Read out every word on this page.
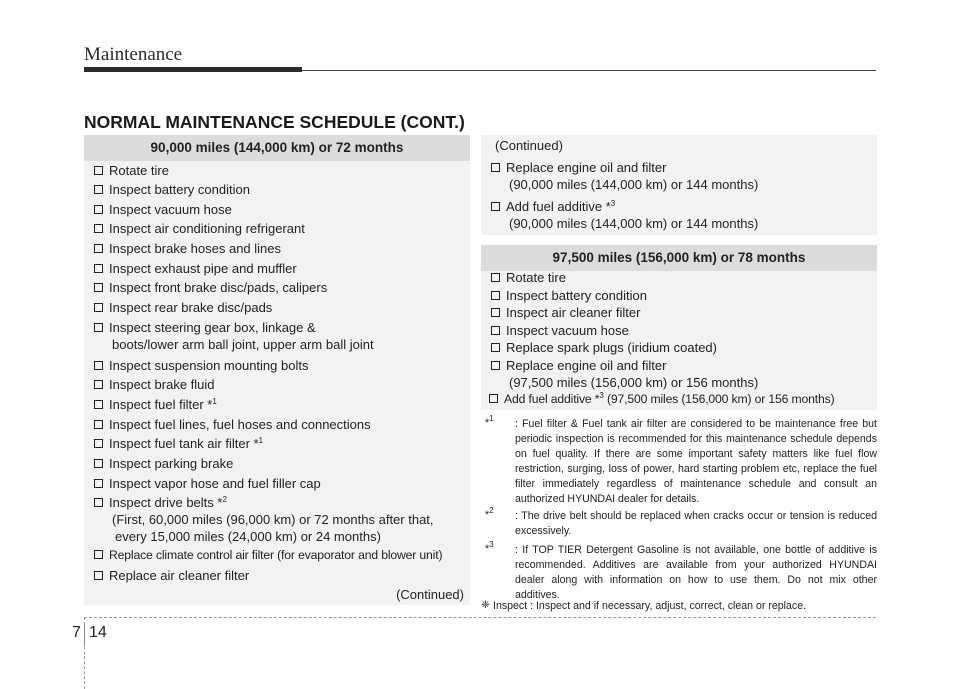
Maintenance
NORMAL MAINTENANCE SCHEDULE (CONT.)
90,000 miles (144,000 km) or 72 months
Rotate tire
Inspect battery condition
Inspect vacuum hose
Inspect air conditioning refrigerant
Inspect brake hoses and lines
Inspect exhaust pipe and muffler
Inspect front brake disc/pads, calipers
Inspect rear brake disc/pads
Inspect steering gear box, linkage &
boots/lower arm ball joint, upper arm ball joint
Inspect suspension mounting bolts
Inspect brake fluid
Inspect fuel filter *$^1$
Inspect fuel lines, fuel hoses and connections
Inspect fuel tank air filter *$^1$
Inspect parking brake
Inspect vapor hose and fuel filler cap
Inspect drive belts *$^2$
(First, 60,000 miles (96,000 km) or 72 months after that,
every 15,000 miles (24,000 km) or 24 months)
Replace climate control air filter (for evaporator and blower unit)
Replace air cleaner filter
(Continued)
(Continued)
Replace engine oil and filter
(90,000 miles (144,000 km) or 144 months)
Add fuel additive *$^3$
(90,000 miles (144,000 km) or 144 months)
97,500 miles (156,000 km) or 78 months
Rotate tire
Inspect battery condition
Inspect air cleaner filter
Inspect vacuum hose
Replace spark plugs (iridium coated)
Replace engine oil and filter
(97,500 miles (156,000 km) or 156 months)
Add fuel additive *$^3$ (97,500 miles (156,000 km) or 156 months)
*$^1$ : Fuel filter & Fuel tank air filter are considered to be maintenance free but periodic inspection is recommended for this maintenance schedule depends on fuel quality. If there are some important safety matters like fuel flow restriction, surging, loss of power, hard starting problem etc, replace the fuel filter immediately regardless of maintenance schedule and consult an authorized HYUNDAI dealer for details.
*$^2$ : The drive belt should be replaced when cracks occur or tension is reduced excessively.
*$^3$ : If TOP TIER Detergent Gasoline is not available, one bottle of additive is recommended. Additives are available from your authorized HYUNDAI dealer along with information on how to use them. Do not mix other additives.
❈ Inspect : Inspect and if necessary, adjust, correct, clean or replace.
7 14
